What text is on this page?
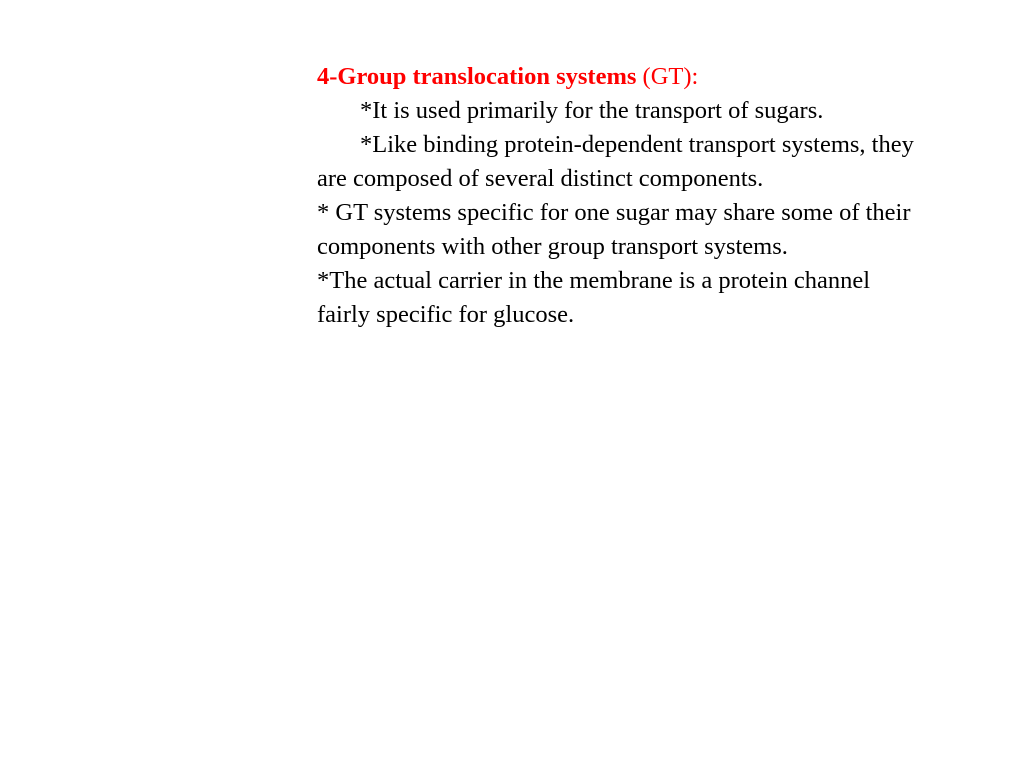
4-Group translocation systems (GT):
*It is used primarily for the transport of sugars.
*Like binding protein-dependent transport systems, they
are composed of several distinct components.
* GT systems specific for one sugar may share some of their
components with other group transport systems.
*The actual carrier in the membrane is a protein channel
fairly specific for glucose.
